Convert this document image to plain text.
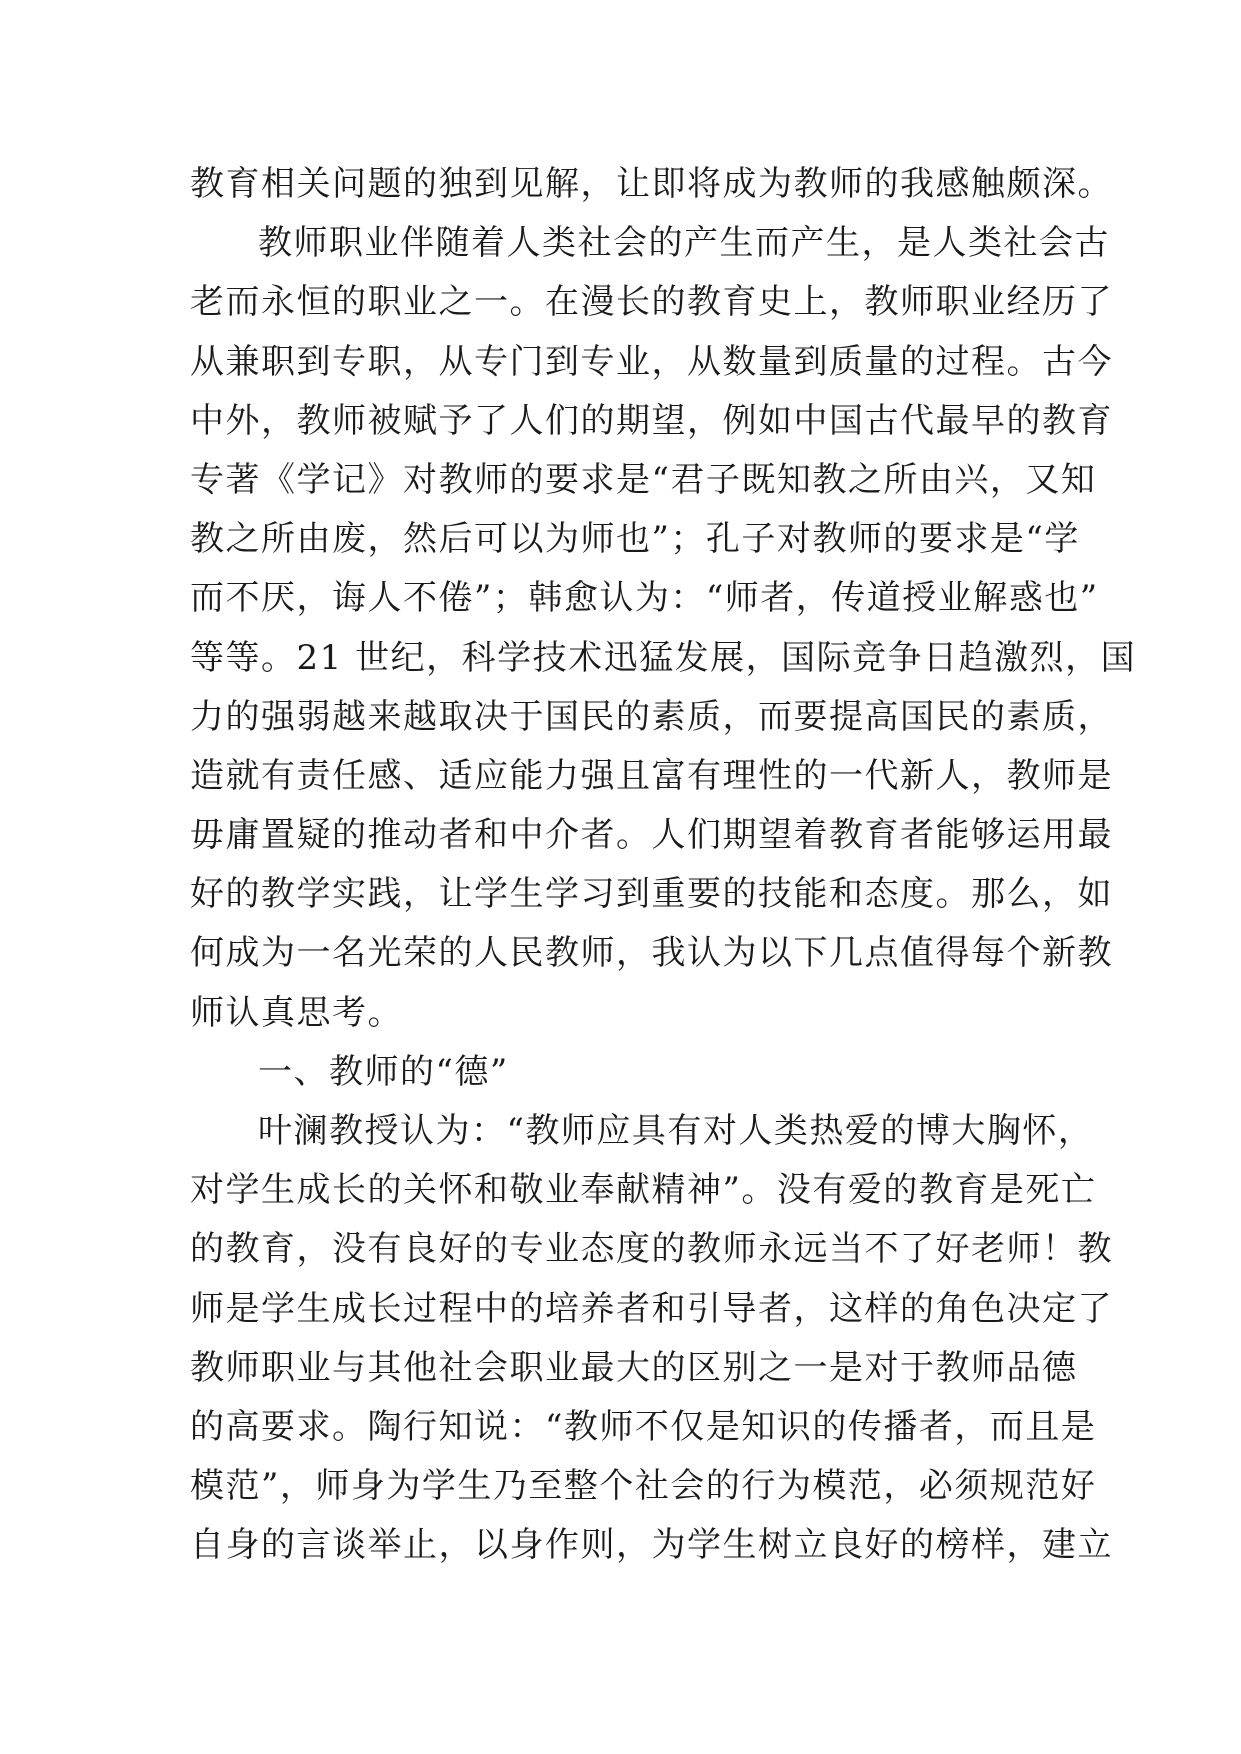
教育相关问题的独到见解，让即将成为教师的我感触颇深。
教师职业伴随着人类社会的产生而产生，是人类社会古
老而永恒的职业之一。在漫长的教育史上，教师职业经历了
从兼职到专职，从专门到专业，从数量到质量的过程。古今
中外，教师被赋予了人们的期望，例如中国古代最早的教育
专著《学记》对教师的要求是“君子既知教之所由兴，又知
教之所由废，然后可以为师也”；孔子对教师的要求是“学
而不厌，诲人不倦”；韩愈认为：“师者，传道授业解惑也”
等等。21 世纪，科学技术迅猛发展，国际竞争日趋激烈，国
力的强弱越来越取决于国民的素质，而要提高国民的素质，
造就有责任感、适应能力强且富有理性的一代新人，教师是
毋庸置疑的推动者和中介者。人们期望着教育者能够运用最
好的教学实践，让学生学习到重要的技能和态度。那么，如
何成为一名光荣的人民教师，我认为以下几点值得每个新教
师认真思考。
一、教师的“德”
叶澜教授认为：“教师应具有对人类热爱的博大胸怀，
对学生成长的关怀和敬业奉献精神”。没有爱的教育是死亡
的教育，没有良好的专业态度的教师永远当不了好老师！教
师是学生成长过程中的培养者和引导者，这样的角色决定了
教师职业与其他社会职业最大的区别之一是对于教师品德
的高要求。陶行知说：“教师不仅是知识的传播者，而且是
模范”，师身为学生乃至整个社会的行为模范，必须规范好
自身的言谈举止，以身作则，为学生树立良好的榜样，建立
